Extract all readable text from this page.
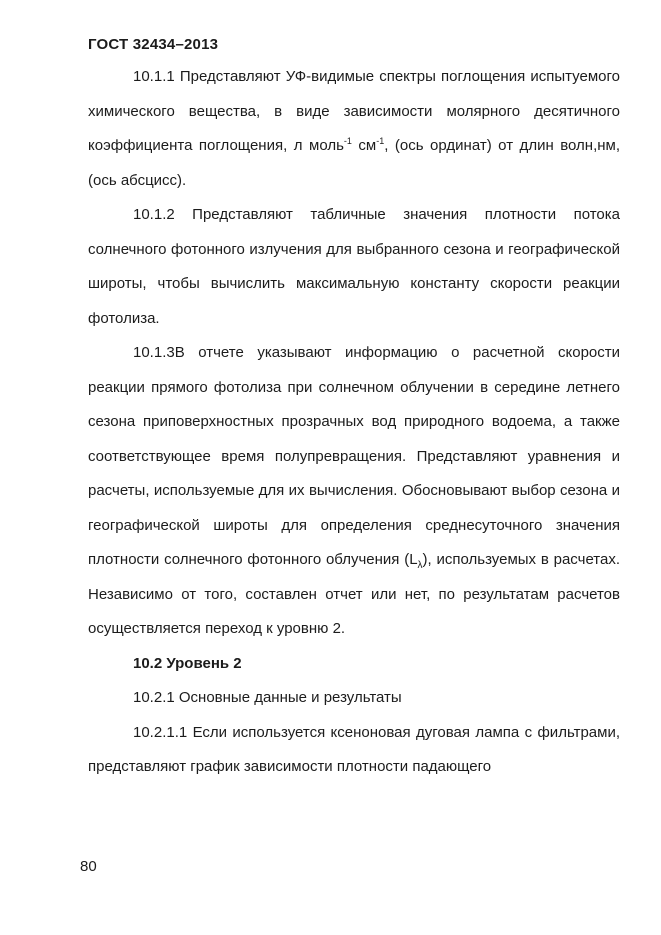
ГОСТ 32434–2013

10.1.1 Представляют УФ-видимые спектры поглощения испытуемого химического вещества, в виде зависимости молярного десятичного коэффициента поглощения, л моль$^{-1}$ $см^{-1}$, (ось ординат) от длин волн,нм, (ось абсцисс).

10.1.2 Представляют табличные значения плотности потока солнечного фотонного излучения для выбранного сезона и географической широты, чтобы вычислить максимальную константу скорости реакции фотолиза.

10.1.3В отчете указывают информацию о расчетной скорости реакции прямого фотолиза при солнечном облучении в середине летнего сезона приповерхностных прозрачных вод природного водоема, а также соответствующее время полупревращения. Представляют уравнения и расчеты, используемые для их вычисления. Обосновывают выбор сезона и географической широты для определения среднесуточного значения плотности солнечного фотонного облучения $(L_\lambda)$, используемых в расчетах. Независимо от того, составлен отчет или нет, по результатам расчетов осуществляется переход к уровню 2.

10.2 Уровень 2

10.2.1 Основные данные и результаты

10.2.1.1 Если используется ксеноновая дуговая лампа с фильтрами, представляют график зависимости плотности падающего

80
